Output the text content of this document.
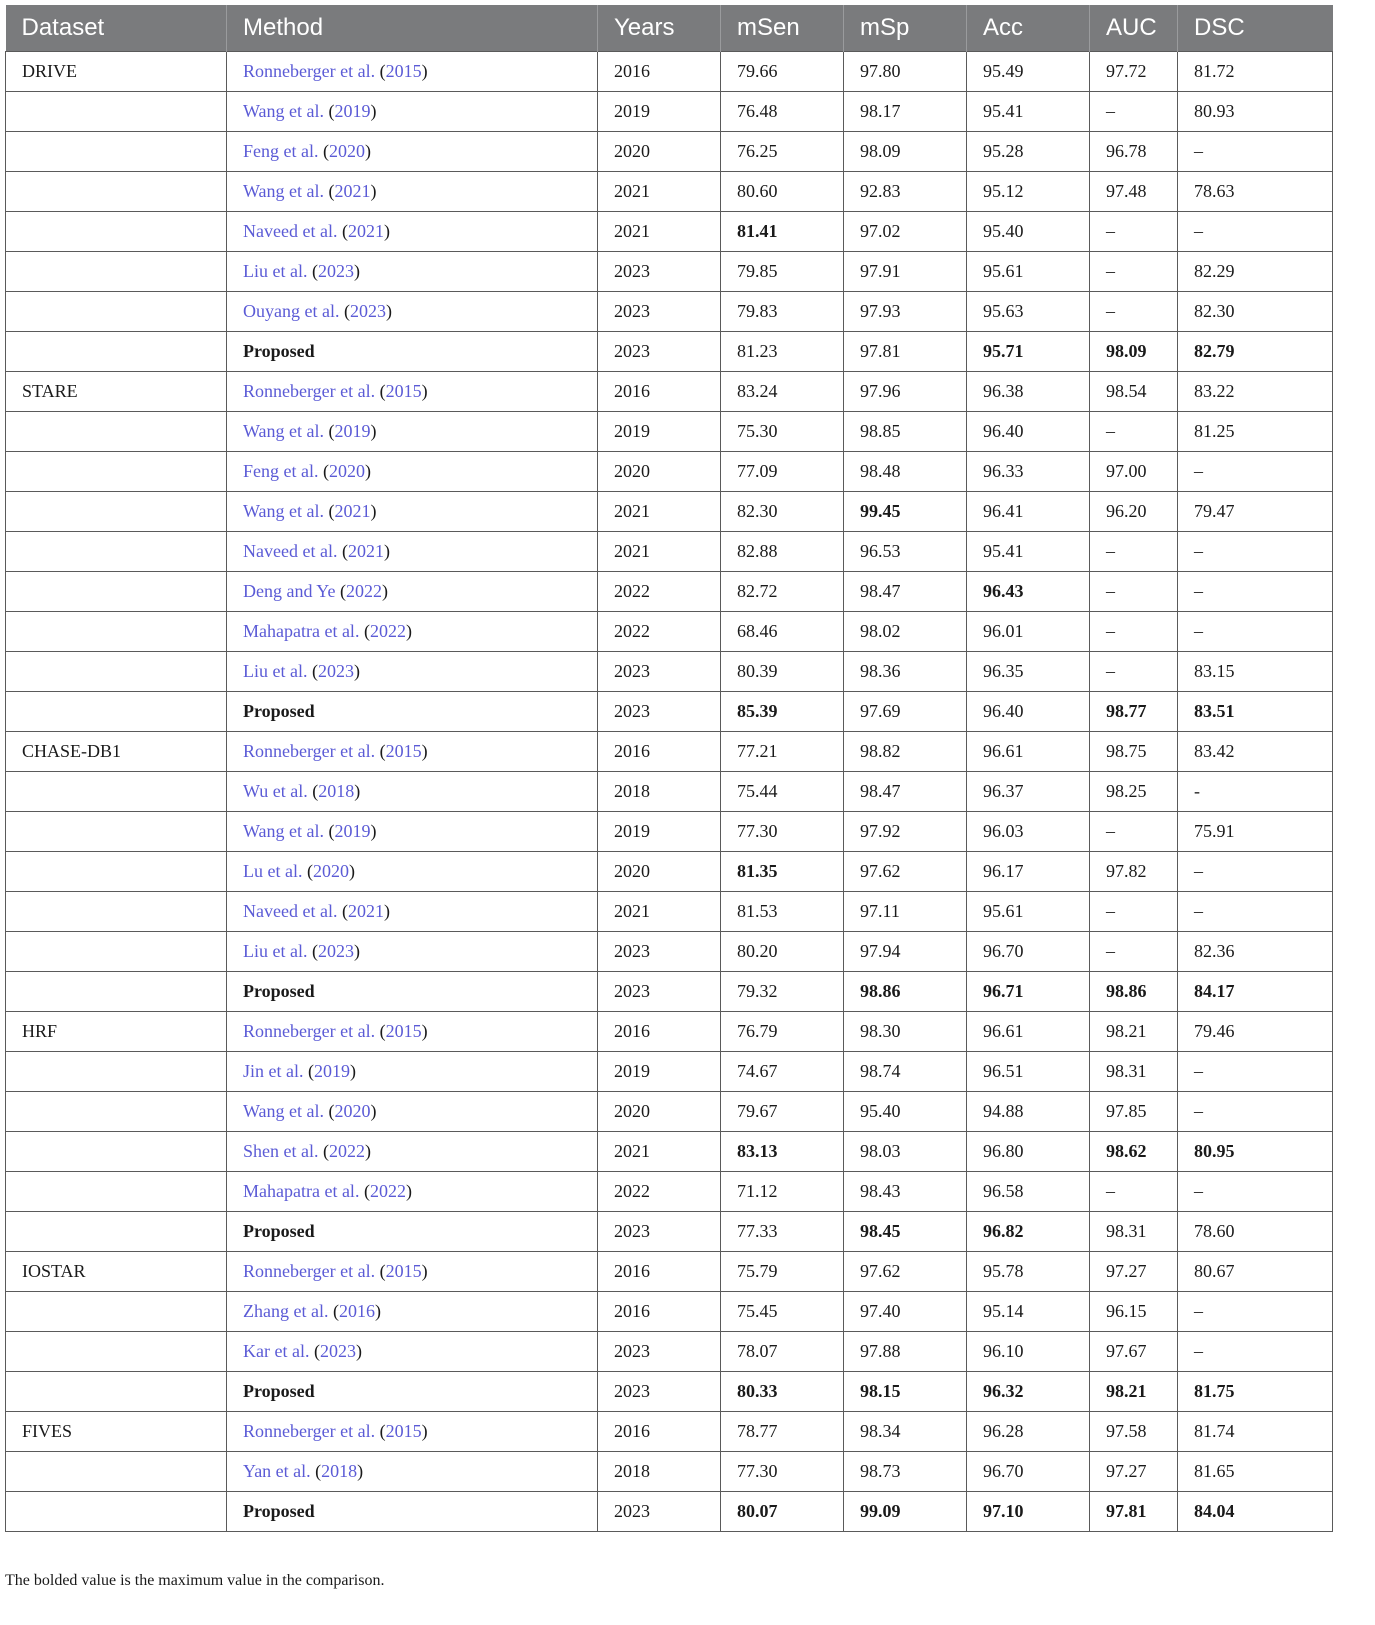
Dataset	Method	Years	mSen	mSp	Acc	AUC	DSC
DRIVE	Ronneberger et al. (2015)	2016	79.66	97.80	95.49	97.72	81.72
	Wang et al. (2019)	2019	76.48	98.17	95.41	–	80.93
	Feng et al. (2020)	2020	76.25	98.09	95.28	96.78	–
	Wang et al. (2021)	2021	80.60	92.83	95.12	97.48	78.63
	Naveed et al. (2021)	2021	81.41	97.02	95.40	–	–
	Liu et al. (2023)	2023	79.85	97.91	95.61	–	82.29
	Ouyang et al. (2023)	2023	79.83	97.93	95.63	–	82.30
	Proposed	2023	81.23	97.81	95.71	98.09	82.79
STARE	Ronneberger et al. (2015)	2016	83.24	97.96	96.38	98.54	83.22
	Wang et al. (2019)	2019	75.30	98.85	96.40	–	81.25
	Feng et al. (2020)	2020	77.09	98.48	96.33	97.00	–
	Wang et al. (2021)	2021	82.30	99.45	96.41	96.20	79.47
	Naveed et al. (2021)	2021	82.88	96.53	95.41	–	–
	Deng and Ye (2022)	2022	82.72	98.47	96.43	–	–
	Mahapatra et al. (2022)	2022	68.46	98.02	96.01	–	–
	Liu et al. (2023)	2023	80.39	98.36	96.35	–	83.15
	Proposed	2023	85.39	97.69	96.40	98.77	83.51
CHASE-DB1	Ronneberger et al. (2015)	2016	77.21	98.82	96.61	98.75	83.42
	Wu et al. (2018)	2018	75.44	98.47	96.37	98.25	-
	Wang et al. (2019)	2019	77.30	97.92	96.03	–	75.91
	Lu et al. (2020)	2020	81.35	97.62	96.17	97.82	–
	Naveed et al. (2021)	2021	81.53	97.11	95.61	–	–
	Liu et al. (2023)	2023	80.20	97.94	96.70	–	82.36
	Proposed	2023	79.32	98.86	96.71	98.86	84.17
HRF	Ronneberger et al. (2015)	2016	76.79	98.30	96.61	98.21	79.46
	Jin et al. (2019)	2019	74.67	98.74	96.51	98.31	–
	Wang et al. (2020)	2020	79.67	95.40	94.88	97.85	–
	Shen et al. (2022)	2021	83.13	98.03	96.80	98.62	80.95
	Mahapatra et al. (2022)	2022	71.12	98.43	96.58	–	–
	Proposed	2023	77.33	98.45	96.82	98.31	78.60
IOSTAR	Ronneberger et al. (2015)	2016	75.79	97.62	95.78	97.27	80.67
	Zhang et al. (2016)	2016	75.45	97.40	95.14	96.15	–
	Kar et al. (2023)	2023	78.07	97.88	96.10	97.67	–
	Proposed	2023	80.33	98.15	96.32	98.21	81.75
FIVES	Ronneberger et al. (2015)	2016	78.77	98.34	96.28	97.58	81.74
	Yan et al. (2018)	2018	77.30	98.73	96.70	97.27	81.65
	Proposed	2023	80.07	99.09	97.10	97.81	84.04
The bolded value is the maximum value in the comparison.
